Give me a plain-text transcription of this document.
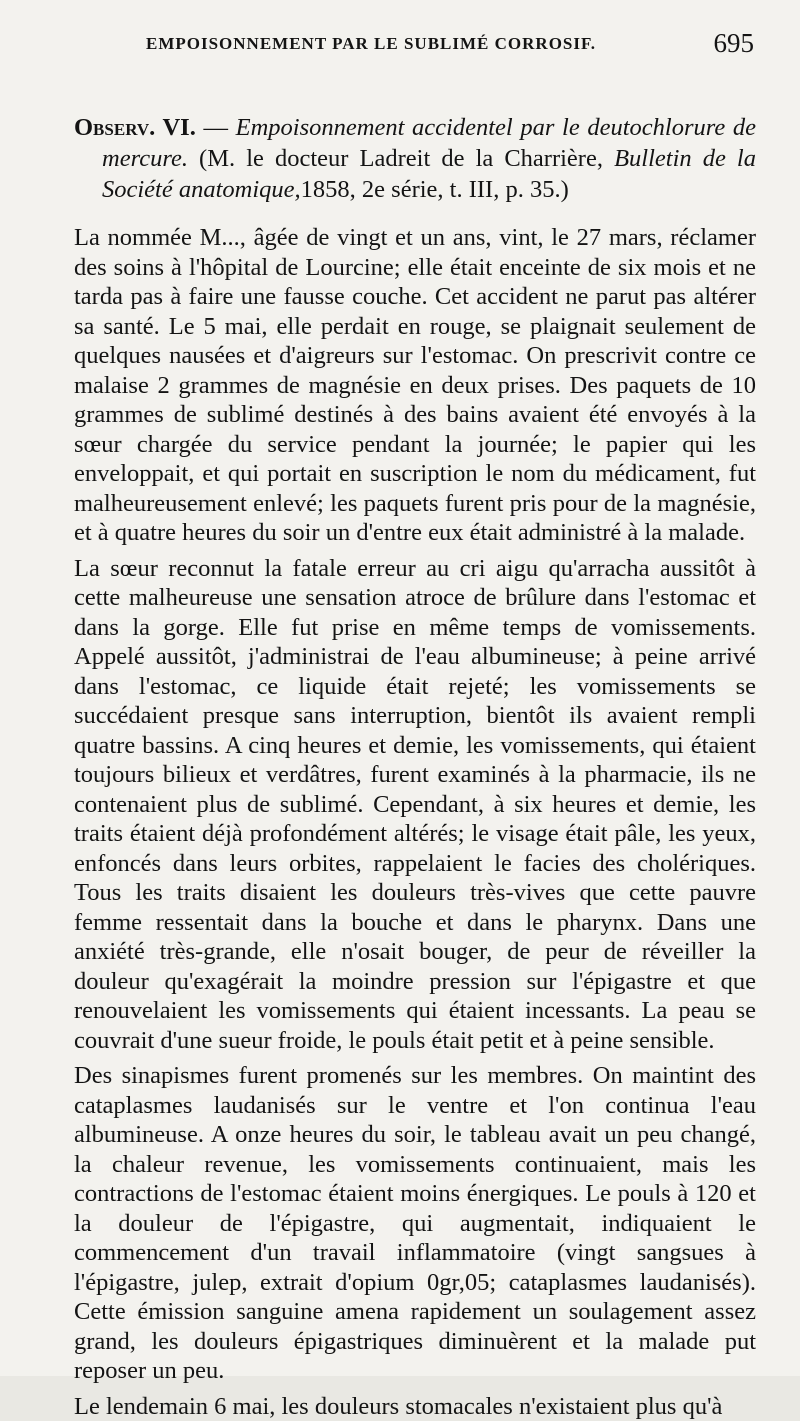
EMPOISONNEMENT PAR LE SUBLIMÉ CORROSIF.	695
Observ. VI. — Empoisonnement accidentel par le deutochlorure de mercure. (M. le docteur Ladreit de la Charrière, Bulletin de la Société anatomique,1858, 2e série, t. III, p. 35.)

La nommée M..., âgée de vingt et un ans, vint, le 27 mars, réclamer des soins à l'hôpital de Lourcine; elle était enceinte de six mois et ne tarda pas à faire une fausse couche. Cet accident ne parut pas altérer sa santé. Le 5 mai, elle perdait en rouge, se plaignait seulement de quelques nausées et d'aigreurs sur l'estomac. On prescrivit contre ce malaise 2 grammes de magnésie en deux prises. Des paquets de 10 grammes de sublimé destinés à des bains avaient été envoyés à la sœur chargée du service pendant la journée; le papier qui les enveloppait, et qui portait en suscription le nom du médicament, fut malheureusement enlevé; les paquets furent pris pour de la magnésie, et à quatre heures du soir un d'entre eux était administré à la malade.

La sœur reconnut la fatale erreur au cri aigu qu'arracha aussitôt à cette malheureuse une sensation atroce de brûlure dans l'estomac et dans la gorge. Elle fut prise en même temps de vomissements. Appelé aussitôt, j'administrai de l'eau albumineuse; à peine arrivé dans l'estomac, ce liquide était rejeté; les vomissements se succédaient presque sans interruption, bientôt ils avaient rempli quatre bassins. A cinq heures et demie, les vomissements, qui étaient toujours bilieux et verdâtres, furent examinés à la pharmacie, ils ne contenaient plus de sublimé. Cependant, à six heures et demie, les traits étaient déjà profondément altérés; le visage était pâle, les yeux, enfoncés dans leurs orbites, rappelaient le facies des cholériques. Tous les traits disaient les douleurs très-vives que cette pauvre femme ressentait dans la bouche et dans le pharynx. Dans une anxiété très-grande, elle n'osait bouger, de peur de réveiller la douleur qu'exagérait la moindre pression sur l'épigastre et que renouvelaient les vomissements qui étaient incessants. La peau se couvrait d'une sueur froide, le pouls était petit et à peine sensible.

Des sinapismes furent promenés sur les membres. On maintint des cataplasmes laudanisés sur le ventre et l'on continua l'eau albumineuse. A onze heures du soir, le tableau avait un peu changé, la chaleur revenue, les vomissements continuaient, mais les contractions de l'estomac étaient moins énergiques. Le pouls à 120 et la douleur de l'épigastre, qui augmentait, indiquaient le commencement d'un travail inflammatoire (vingt sangsues à l'épigastre, julep, extrait d'opium 0gr,05; cataplasmes laudanisés). Cette émission sanguine amena rapidement un soulagement assez grand, les douleurs épigastriques diminuèrent et la malade put reposer un peu.

Le lendemain 6 mai, les douleurs stomacales n'existaient plus qu'à
